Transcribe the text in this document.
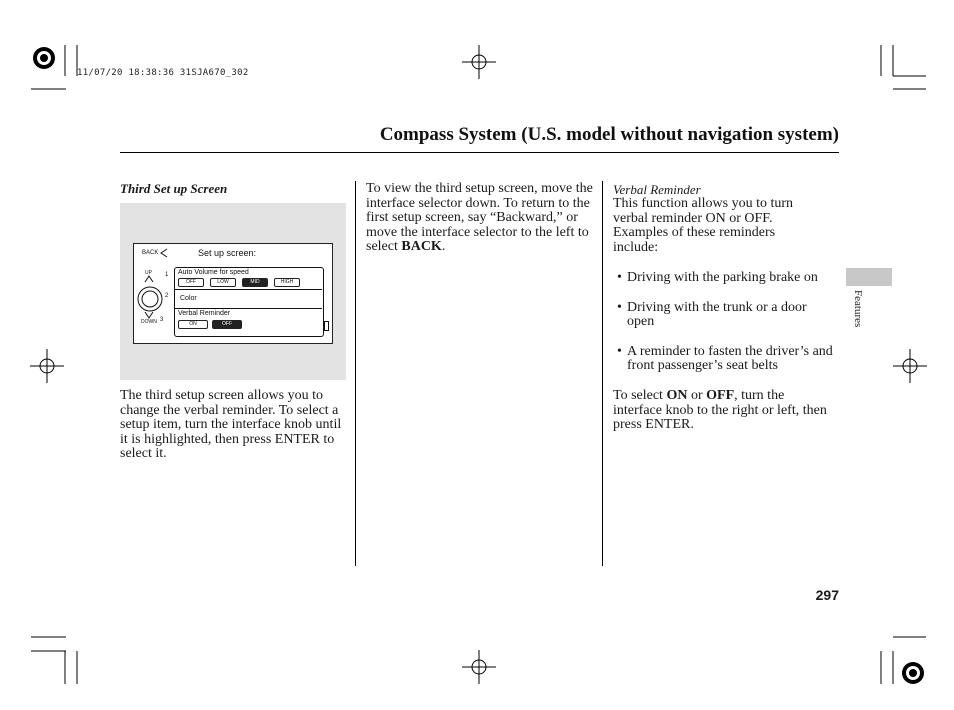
11/07/20 18:38:36 31SJA670_302
Compass System (U.S. model without navigation system)
Third Set up Screen
BACK	Set up screen:
UP 1
2
DOWN 3
Auto Volume for speed
OFF	LOW	MID	HIGH
Color
Verbal Reminder
ON	OFF
The third setup screen allows you to change the verbal reminder. To select a setup item, turn the interface knob until it is highlighted, then press ENTER to select it.
To view the third setup screen, move the interface selector down. To return to the first setup screen, say “Backward,” or move the interface selector to the left to select BACK.
Verbal Reminder
This function allows you to turn verbal reminder ON or OFF. Examples of these reminders include:
• Driving with the parking brake on
• Driving with the trunk or a door open
• A reminder to fasten the driver’s and front passenger’s seat belts
To select ON or OFF, turn the interface knob to the right or left, then press ENTER.
Features
297
